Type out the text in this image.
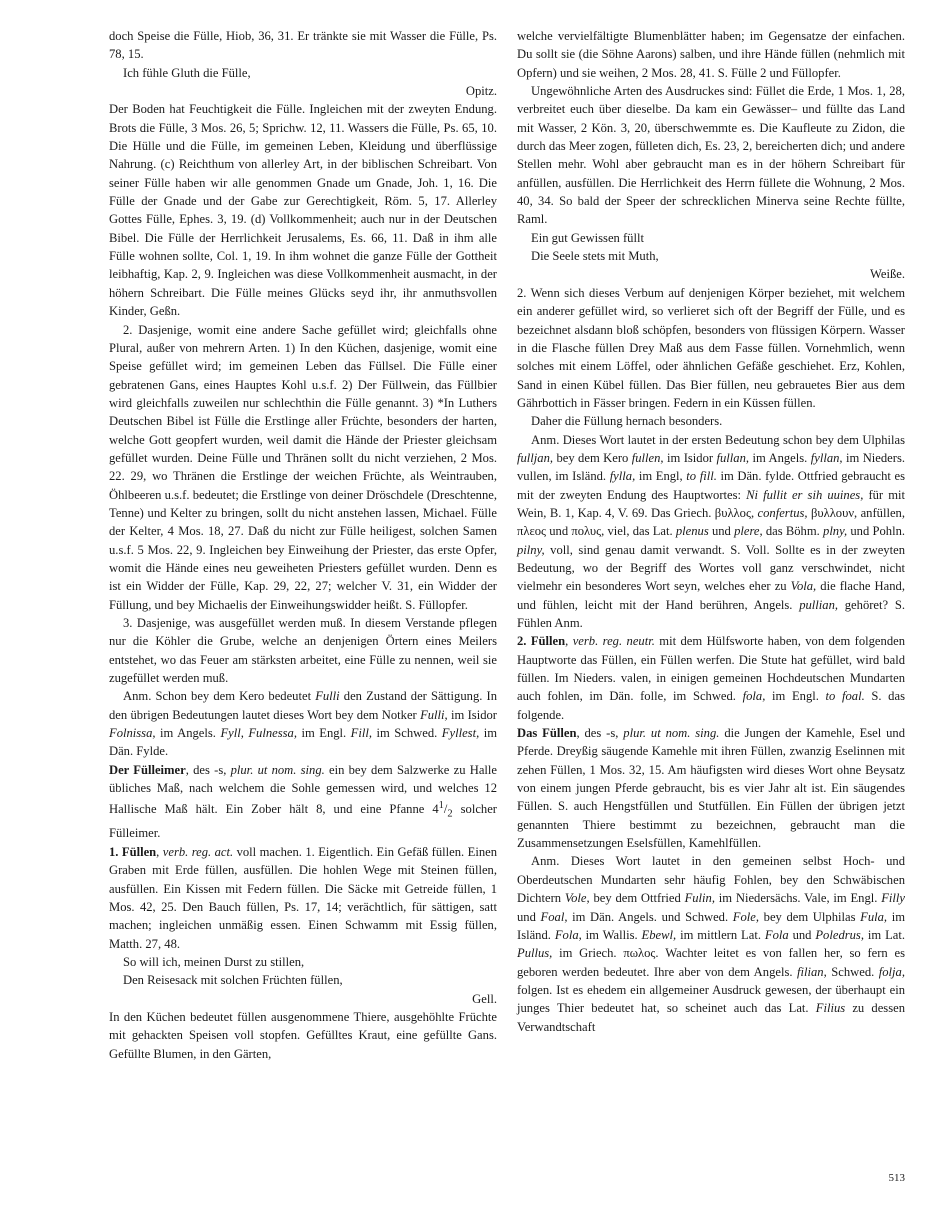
doch Speise die Fülle, Hiob, 36, 31. Er tränkte sie mit Wasser die Fülle, Ps. 78, 15.

Ich fühle Gluth die Fülle,

Opitz.

Der Boden hat Feuchtigkeit die Fülle. Ingleichen mit der zweyten Endung. Brots die Fülle, 3 Mos. 26, 5; Sprichw. 12, 11. Wassers die Fülle, Ps. 65, 10. Die Hülle und die Fülle, im gemeinen Leben, Kleidung und überflüssige Nahrung. (c) Reichthum von allerley Art, in der biblischen Schreibart. Von seiner Fülle haben wir alle genommen Gnade um Gnade, Joh. 1, 16. Die Fülle der Gnade und der Gabe zur Gerechtigkeit, Röm. 5, 17. Allerley Gottes Fülle, Ephes. 3, 19. (d) Vollkommenheit; auch nur in der Deutschen Bibel. Die Fülle der Herrlichkeit Jerusalems, Es. 66, 11. Daß in ihm alle Fülle wohnen sollte, Col. 1, 19. In ihm wohnet die ganze Fülle der Gottheit leibhaftig, Kap. 2, 9. Ingleichen was diese Vollkommenheit ausmacht, in der höhern Schreibart. Die Fülle meines Glücks seyd ihr, ihr anmuthsvollen Kinder, Geßn.

2. Dasjenige, womit eine andere Sache gefüllet wird; gleichfalls ohne Plural, außer von mehrern Arten. 1) In den Küchen, dasjenige, womit eine Speise gefüllet wird; im gemeinen Leben das Füllsel. Die Fülle einer gebratenen Gans, eines Hauptes Kohl u.s.f. 2) Der Füllwein, das Füllbier wird gleichfalls zuweilen nur schlechthin die Fülle genannt. 3) *In Luthers Deutschen Bibel ist Fülle die Erstlinge aller Früchte, besonders der harten, welche Gott geopfert wurden, weil damit die Hände der Priester gleichsam gefüllet wurden. Deine Fülle und Thränen sollt du nicht verziehen, 2 Mos. 22. 29, wo Thränen die Erstlinge der weichen Früchte, als Weintrauben, Öhlbeeren u.s.f. bedeutet; die Erstlinge von deiner Dröschdele (Dreschtenne, Tenne) und Kelter zu bringen, sollt du nicht anstehen lassen, Michael. Fülle der Kelter, 4 Mos. 18, 27. Daß du nicht zur Fülle heiligest, solchen Samen u.s.f. 5 Mos. 22, 9. Ingleichen bey Einweihung der Priester, das erste Opfer, womit die Hände eines neu geweiheten Priesters gefüllet wurden. Denn es ist ein Widder der Fülle, Kap. 29, 22, 27; welcher V. 31, ein Widder der Füllung, und bey Michaelis der Einweihungswidder heißt. S. Füllopfer.

3. Dasjenige, was ausgefüllet werden muß. In diesem Verstande pflegen nur die Köhler die Grube, welche an denjenigen Örtern eines Meilers entstehet, wo das Feuer am stärksten arbeitet, eine Fülle zu nennen, weil sie zugefüllet werden muß.

Anm. Schon bey dem Kero bedeutet Fulli den Zustand der Sättigung. In den übrigen Bedeutungen lautet dieses Wort bey dem Notker Fulli, im Isidor Folnissa, im Angels. Fyll, Fulnessa, im Engl. Fill, im Schwed. Fyllest, im Dän. Fylde.

Der Fülleimer, des -s, plur. ut nom. sing. ein bey dem Salzwerke zu Halle übliches Maß, nach welchem die Sohle gemessen wird, und welches 12 Hallische Maß hält. Ein Zober hält 8, und eine Pfanne $4^1/_2$ solcher Fülleimer.

1. Füllen, verb. reg. act. voll machen. 1. Eigentlich. Ein Gefäß füllen. Einen Graben mit Erde füllen, ausfüllen. Die hohlen Wege mit Steinen füllen, ausfüllen. Ein Kissen mit Federn füllen. Die Säcke mit Getreide füllen, 1 Mos. 42, 25. Den Bauch füllen, Ps. 17, 14; verächtlich, für sättigen, satt machen; ingleichen unmäßig essen. Einen Schwamm mit Essig füllen, Matth. 27, 48.

So will ich, meinen Durst zu stillen,

Den Reisesack mit solchen Früchten füllen,

Gell.

In den Küchen bedeutet füllen ausgenommene Thiere, ausgehöhlte Früchte mit gehackten Speisen voll stopfen. Gefülltes Kraut, eine gefüllte Gans. Gefüllte Blumen, in den Gärten,

welche vervielfältigte Blumenblätter haben; im Gegensatze der einfachen. Du sollt sie (die Söhne Aarons) salben, und ihre Hände füllen (nehmlich mit Opfern) und sie weihen, 2 Mos. 28, 41. S. Fülle 2 und Füllopfer.

Ungewöhnliche Arten des Ausdruckes sind: Füllet die Erde, 1 Mos. 1, 28, verbreitet euch über dieselbe. Da kam ein Gewässer– und füllte das Land mit Wasser, 2 Kön. 3, 20, überschwemmte es. Die Kaufleute zu Zidon, die durch das Meer zogen, fülleten dich, Es. 23, 2, bereicherten dich; und andere Stellen mehr. Wohl aber gebraucht man es in der höhern Schreibart für anfüllen, ausfüllen. Die Herrlichkeit des Herrn füllete die Wohnung, 2 Mos. 40, 34. So bald der Speer der schrecklichen Minerva seine Rechte füllte, Raml.

Ein gut Gewissen füllt

Die Seele stets mit Muth,

Weiße.

2. Wenn sich dieses Verbum auf denjenigen Körper beziehet, mit welchem ein anderer gefüllet wird, so verlieret sich oft der Begriff der Fülle, und es bezeichnet alsdann bloß schöpfen, besonders von flüssigen Körpern. Wasser in die Flasche füllen Drey Maß aus dem Fasse füllen. Vornehmlich, wenn solches mit einem Löffel, oder ähnlichen Gefäße geschiehet. Erz, Kohlen, Sand in einen Kübel füllen. Das Bier füllen, neu gebrauetes Bier aus dem Gährbottich in Fässer bringen. Federn in ein Küssen füllen.

Daher die Füllung hernach besonders.

Anm. Dieses Wort lautet in der ersten Bedeutung schon bey dem Ulphilas fulljan, bey dem Kero fullen, im Isidor fullan, im Angels. fyllan, im Nieders. vullen, im Isländ. fylla, im Engl, to fill. im Dän. fylde. Ottfried gebraucht es mit der zweyten Endung des Hauptwortes: Ni fullit er sih uuines, für mit Wein, B. 1, Kap. 4, V. 69. Das Griech. βυλλος, confertus, βυλλουν, anfüllen, πλεος und πολυς, viel, das Lat. plenus und plere, das Böhm. plny, und Pohln. pilny, voll, sind genau damit verwandt. S. Voll. Sollte es in der zweyten Bedeutung, wo der Begriff des Wortes voll ganz verschwindet, nicht vielmehr ein besonderes Wort seyn, welches eher zu Vola, die flache Hand, und fühlen, leicht mit der Hand berühren, Angels. pullian, gehöret? S. Fühlen Anm.

2. Füllen, verb. reg. neutr. mit dem Hülfsworte haben, von dem folgenden Hauptworte das Füllen, ein Füllen werfen. Die Stute hat gefüllet, wird bald füllen. Im Nieders. valen, in einigen gemeinen Hochdeutschen Mundarten auch fohlen, im Dän. folle, im Schwed. fola, im Engl. to foal. S. das folgende.

Das Füllen, des -s, plur. ut nom. sing. die Jungen der Kamehle, Esel und Pferde. Dreyßig säugende Kamehle mit ihren Füllen, zwanzig Eselinnen mit zehen Füllen, 1 Mos. 32, 15. Am häufigsten wird dieses Wort ohne Beysatz von einem jungen Pferde gebraucht, bis es vier Jahr alt ist. Ein säugendes Füllen. S. auch Hengstfüllen und Stutfüllen. Ein Füllen der übrigen jetzt genannten Thiere bestimmt zu bezeichnen, gebraucht man die Zusammensetzungen Eselsfüllen, Kamehlfüllen.

Anm. Dieses Wort lautet in den gemeinen selbst Hoch- und Oberdeutschen Mundarten sehr häufig Fohlen, bey den Schwäbischen Dichtern Vole, bey dem Ottfried Fulin, im Niedersächs. Vale, im Engl. Filly und Foal, im Dän. Angels. und Schwed. Fole, bey dem Ulphilas Fula, im Isländ. Fola, im Wallis. Ebewl, im mittlern Lat. Fola und Poledrus, im Lat. Pullus, im Griech. πωλος. Wachter leitet es von fallen her, so fern es geboren werden bedeutet. Ihre aber von dem Angels. filian, Schwed. folja, folgen. Ist es ehedem ein allgemeiner Ausdruck gewesen, der überhaupt ein junges Thier bedeutet hat, so scheinet auch das Lat. Filius zu dessen Verwandtschaft

513
